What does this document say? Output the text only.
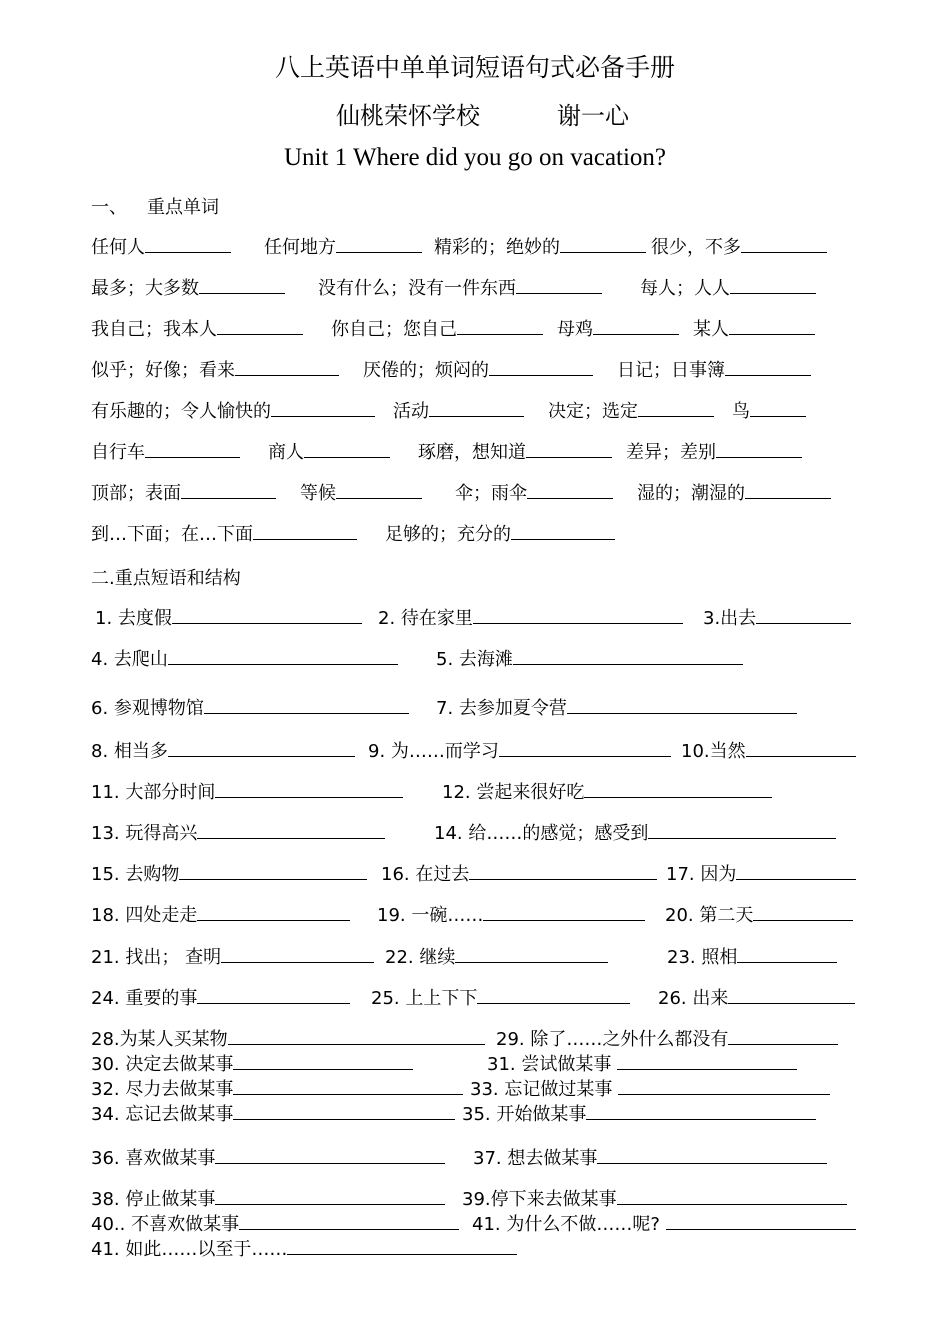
八上英语中单单词短语句式必备手册
仙桃荣怀学校	谢一心
Unit 1 Where did you go on vacation?
一、 重点单词
任何人	任何地方	精彩的；绝妙的	很少，不多
最多；大多数	没有什么；没有一件东西	每人；人人
我自己；我本人	你自己；您自己	母鸡	某人
似乎；好像；看来	厌倦的；烦闷的	日记；日事簿
有乐趣的；令人愉快的	活动	决定；选定	鸟
自行车	商人	琢磨，想知道	差异；差别
顶部；表面	等候	伞；雨伞	湿的；潮湿的
到…下面；在…下面	足够的；充分的
二.重点短语和结构
1. 去度假	2. 待在家里	3.出去
4. 去爬山	5. 去海滩
6. 参观博物馆	7. 去参加夏令营
8. 相当多	9. 为……而学习	10.当然
11. 大部分时间	12. 尝起来很好吃
13. 玩得高兴	14. 给……的感觉；感受到
15. 去购物	16. 在过去	17. 因为
18. 四处走走	19. 一碗……	20. 第二天
21. 找出； 查明	22. 继续	23. 照相
24. 重要的事	25. 上上下下	26. 出来
28.为某人买某物	29. 除了……之外什么都没有
30. 决定去做某事	31. 尝试做某事
32. 尽力去做某事	33. 忘记做过某事
34. 忘记去做某事	35. 开始做某事
36. 喜欢做某事	37. 想去做某事
38. 停止做某事	39.停下来去做某事
40.. 不喜欢做某事	41. 为什么不做……呢?
41. 如此……以至于……
